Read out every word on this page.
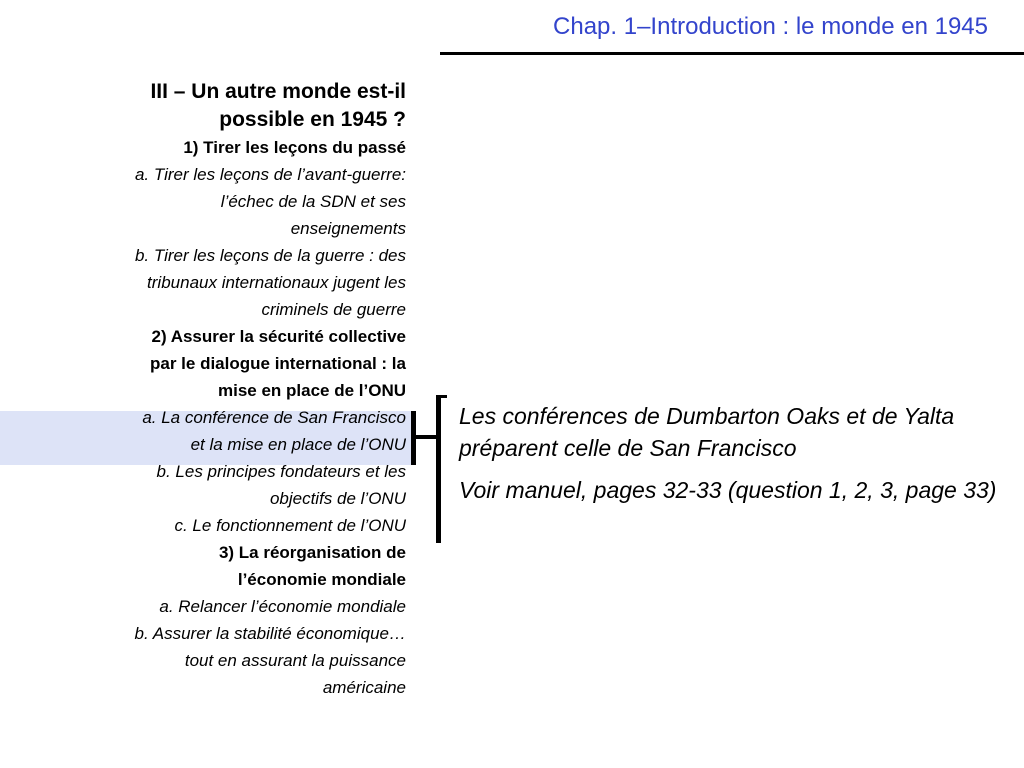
Chap. 1–Introduction : le monde en 1945
III – Un autre monde est-il
possible en 1945 ?
1) Tirer les leçons du passé
a. Tirer les leçons de l’avant-guerre:
l’échec de la SDN et ses
enseignements
b. Tirer les leçons de la guerre : des
tribunaux internationaux jugent les
criminels de guerre
2) Assurer la sécurité collective
par le dialogue international : la
mise en place de l’ONU
a. La conférence de San Francisco
et la mise en place de l’ONU
b. Les principes fondateurs et les
objectifs de l’ONU
c. Le fonctionnement de l’ONU
3) La réorganisation de
l’économie mondiale
a. Relancer l’économie mondiale
b. Assurer la stabilité économique…
tout en assurant la puissance
américaine

Les conférences de Dumbarton Oaks et de Yalta préparent celle de San Francisco

Voir manuel, pages 32-33 (question 1, 2, 3, page 33)
